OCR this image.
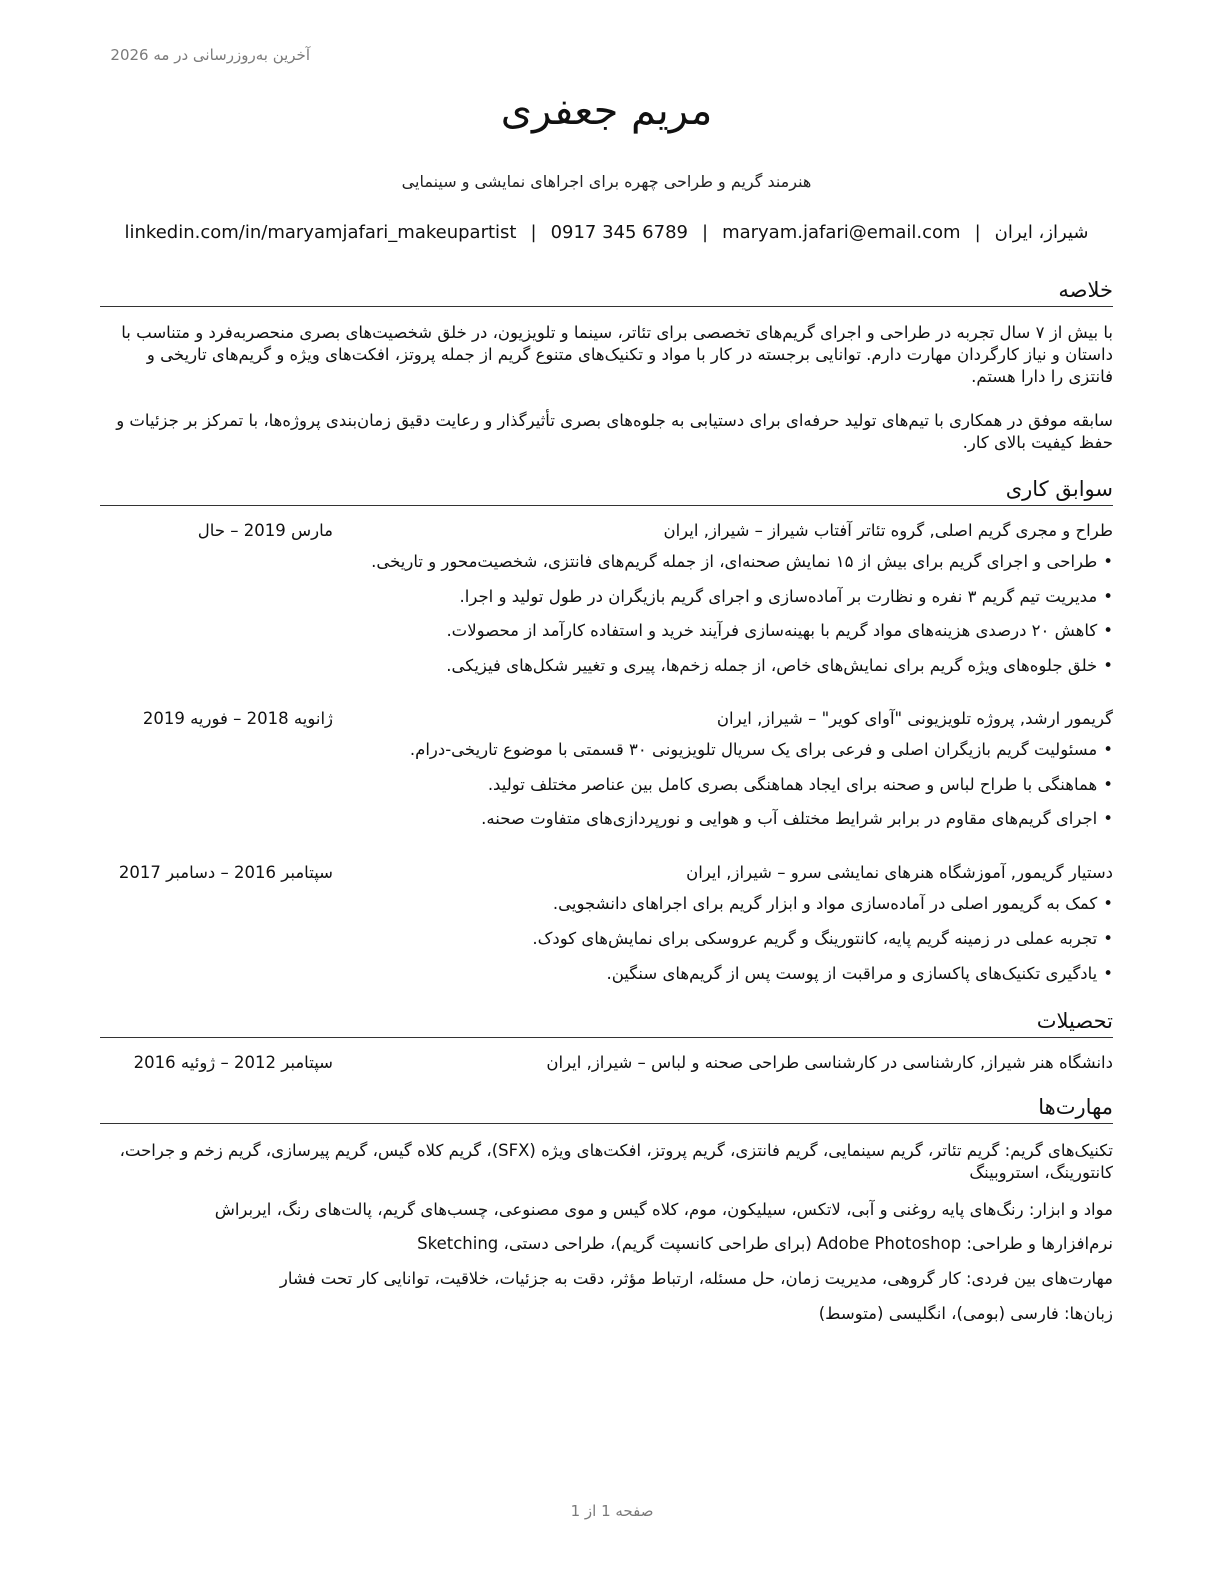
آخرین به‌روزرسانی در مه 2026
مریم جعفری
هنرمند گریم و طراحی چهره برای اجراهای نمایشی و سینمایی
شیراز، ایران
|
maryam.jafari@email.com
|
0917 345 6789
|
linkedin.com/in/maryamjafari_makeupartist
خلاصه

با بیش از ۷ سال تجربه در طراحی و اجرای گریم‌های تخصصی برای تئاتر، سینما و تلویزیون، در خلق شخصیت‌های بصری منحصربه‌فرد و متناسب با داستان و نیاز کارگردان مهارت دارم. توانایی برجسته در کار با مواد و تکنیک‌های متنوع گریم از جمله پروتز، افکت‌های ویژه و گریم‌های تاریخی و فانتزی را دارا هستم.

سابقه موفق در همکاری با تیم‌های تولید حرفه‌ای برای دستیابی به جلوه‌های بصری تأثیرگذار و رعایت دقیق زمان‌بندی پروژه‌ها، با تمرکز بر جزئیات و حفظ کیفیت بالای کار.

سوابق کاری
طراح و مجری گریم اصلی, گروه تئاتر آفتاب شیراز – شیراز, ایران
مارس 2019 – حال
•طراحی و اجرای گریم برای بیش از ۱۵ نمایش صحنه‌ای، از جمله گریم‌های فانتزی، شخصیت‌محور و تاریخی.
•مدیریت تیم گریم ۳ نفره و نظارت بر آماده‌سازی و اجرای گریم بازیگران در طول تولید و اجرا.
•کاهش ۲۰ درصدی هزینه‌های مواد گریم با بهینه‌سازی فرآیند خرید و استفاده کارآمد از محصولات.
•خلق جلوه‌های ویژه گریم برای نمایش‌های خاص، از جمله زخم‌ها، پیری و تغییر شکل‌های فیزیکی.
گریمور ارشد, پروژه تلویزیونی "آوای کویر" – شیراز, ایران
ژانویه 2018 – فوریه 2019
•مسئولیت گریم بازیگران اصلی و فرعی برای یک سریال تلویزیونی ۳۰ قسمتی با موضوع تاریخی-درام.
•هماهنگی با طراح لباس و صحنه برای ایجاد هماهنگی بصری کامل بین عناصر مختلف تولید.
•اجرای گریم‌های مقاوم در برابر شرایط مختلف آب و هوایی و نورپردازی‌های متفاوت صحنه.
دستیار گریمور, آموزشگاه هنرهای نمایشی سرو – شیراز, ایران
سپتامبر 2016 – دسامبر 2017
•کمک به گریمور اصلی در آماده‌سازی مواد و ابزار گریم برای اجراهای دانشجویی.
•تجربه عملی در زمینه گریم پایه، کانتورینگ و گریم عروسکی برای نمایش‌های کودک.
•یادگیری تکنیک‌های پاکسازی و مراقبت از پوست پس از گریم‌های سنگین.
تحصیلات
دانشگاه هنر شیراز, کارشناسی در کارشناسی طراحی صحنه و لباس – شیراز, ایران
سپتامبر 2012 – ژوئیه 2016
مهارت‌ها
تکنیک‌های گریم: گریم تئاتر، گریم سینمایی، گریم فانتزی، گریم پروتز، افکت‌های ویژه (SFX)، گریم کلاه گیس، گریم پیرسازی، گریم زخم و جراحت، کانتورینگ، استروبینگ
مواد و ابزار: رنگ‌های پایه روغنی و آبی، لاتکس، سیلیکون، موم، کلاه گیس و موی مصنوعی، چسب‌های گریم، پالت‌های رنگ، ایربراش
نرم‌افزارها و طراحی: Adobe Photoshop (برای طراحی کانسپت گریم)، طراحی دستی، Sketching
مهارت‌های بین فردی: کار گروهی، مدیریت زمان، حل مسئله، ارتباط مؤثر، دقت به جزئیات، خلاقیت، توانایی کار تحت فشار
زبان‌ها: فارسی (بومی)، انگلیسی (متوسط)
صفحه 1 از 1
